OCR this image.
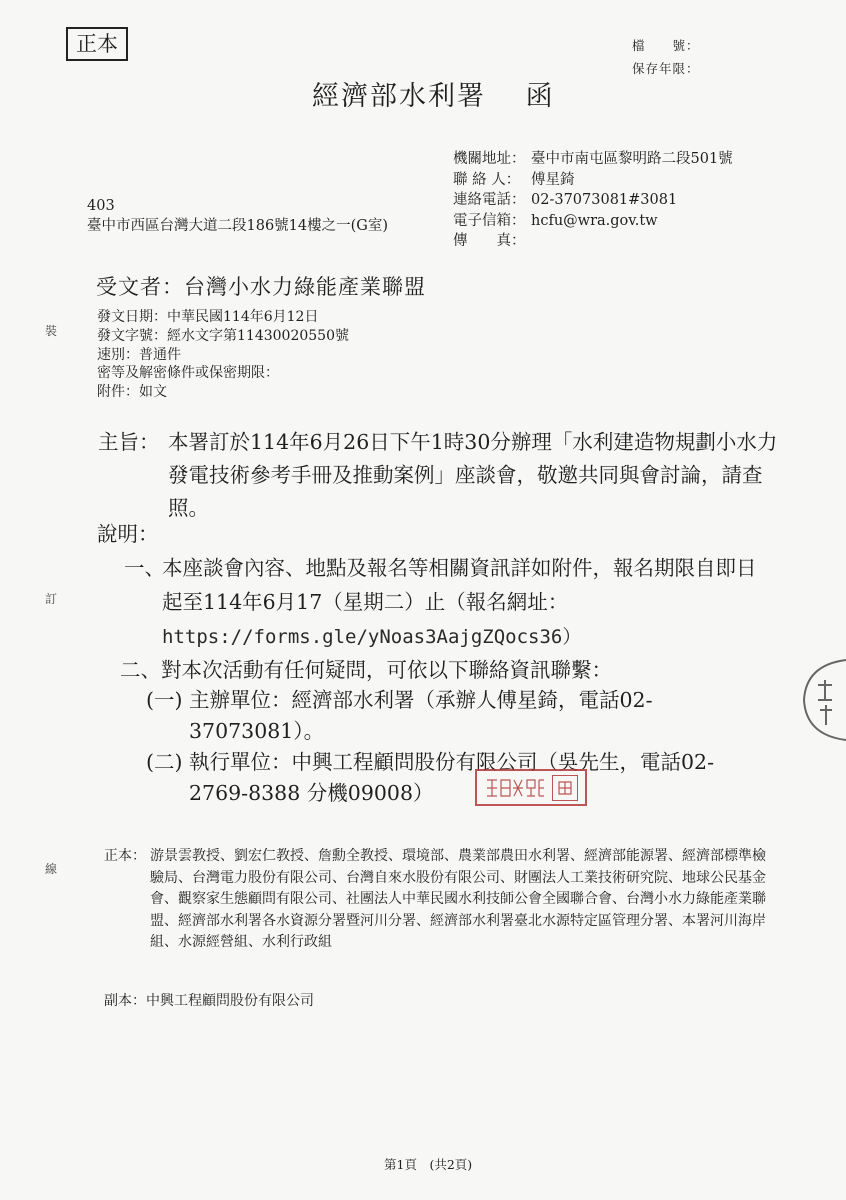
正本	檔　　號：
保存年限：
經濟部水利署　 函
機關地址： 臺中市南屯區黎明路二段501號
聯 絡 人： 傅星錡
連絡電話： 02-37073081#3081
電子信箱： hcfu@wra.gov.tw
傳　　真：
403
臺中市西區台灣大道二段186號14樓之一(G室)
受文者：台灣小水力綠能產業聯盟
發文日期：中華民國114年6月12日
發文字號：經水文字第11430020550號
速別：普通件
密等及解密條件或保密期限：
附件：如文
主旨： 本署訂於114年6月26日下午1時30分辦理「水利建造物規劃小水力發電技術參考手冊及推動案例」座談會，敬邀共同與會討論，請查照。
說明：
一、
本座談會內容、地點及報名等相關資訊詳如附件，報名期限自即日起至114年6月17（星期二）止（報名網址：
https://forms.gle/yNoas3AajgZQocs36）
二、對本次活動有任何疑問，可依以下聯絡資訊聯繫：
(一) 主辦單位：經濟部水利署（承辦人傅星錡，電話02-37073081）。
(二) 執行單位：中興工程顧問股份有限公司（吳先生，電話02-2769-8388 分機09008）
正本： 游景雲教授、劉宏仁教授、詹勳全教授、環境部、農業部農田水利署、經濟部能源署、經濟部標準檢驗局、台灣電力股份有限公司、台灣自來水股份有限公司、財團法人工業技術研究院、地球公民基金會、觀察家生態顧問有限公司、社團法人中華民國水利技師公會全國聯合會、台灣小水力綠能產業聯盟、經濟部水利署各水資源分署暨河川分署、經濟部水利署臺北水源特定區管理分署、本署河川海岸組、水源經營組、水利行政組
副本：中興工程顧問股份有限公司
第1頁　(共2頁)
裝
訂
線
